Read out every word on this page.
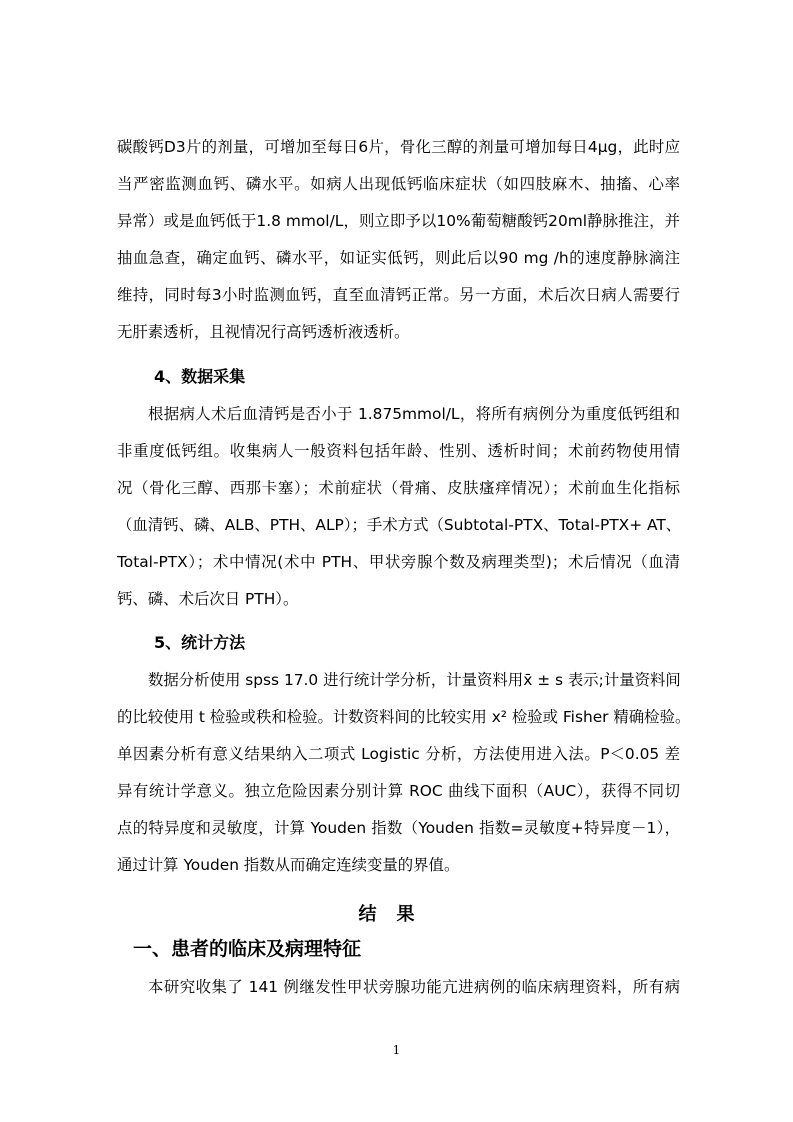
碳酸钙D3片的剂量，可增加至每日6片，骨化三醇的剂量可增加每日4μg，此时应
当严密监测血钙、磷水平。如病人出现低钙临床症状（如四肢麻木、抽搐、心率
异常）或是血钙低于1.8 mmol/L，则立即予以10%葡萄糖酸钙20ml静脉推注，并
抽血急查，确定血钙、磷水平，如证实低钙，则此后以90 mg /h的速度静脉滴注
维持，同时每3小时监测血钙，直至血清钙正常。另一方面，术后次日病人需要行
无肝素透析，且视情况行高钙透析液透析。
4、数据采集
根据病人术后血清钙是否小于 1.875mmol/L，将所有病例分为重度低钙组和
非重度低钙组。收集病人一般资料包括年龄、性别、透析时间；术前药物使用情
况（骨化三醇、西那卡塞）；术前症状（骨痛、皮肤瘙痒情况）；术前血生化指标
（血清钙、磷、ALB、PTH、ALP）；手术方式（Subtotal-PTX、Total-PTX+ AT、
Total-PTX）；术中情况(术中 PTH、甲状旁腺个数及病理类型)；术后情况（血清
钙、磷、术后次日 PTH）。
5、统计方法
数据分析使用 spss 17.0 进行统计学分析，计量资料用x̄ ± s 表示;计量资料间
的比较使用 t 检验或秩和检验。计数资料间的比较实用 x² 检验或 Fisher 精确检验。
单因素分析有意义结果纳入二项式 Logistic 分析，方法使用进入法。P＜0.05 差
异有统计学意义。独立危险因素分别计算 ROC 曲线下面积（AUC），获得不同切
点的特异度和灵敏度，计算 Youden 指数（Youden 指数=灵敏度+特异度－1），
通过计算 Youden 指数从而确定连续变量的界值。
结果
一、患者的临床及病理特征
本研究收集了 141 例继发性甲状旁腺功能亢进病例的临床病理资料，所有病
1
